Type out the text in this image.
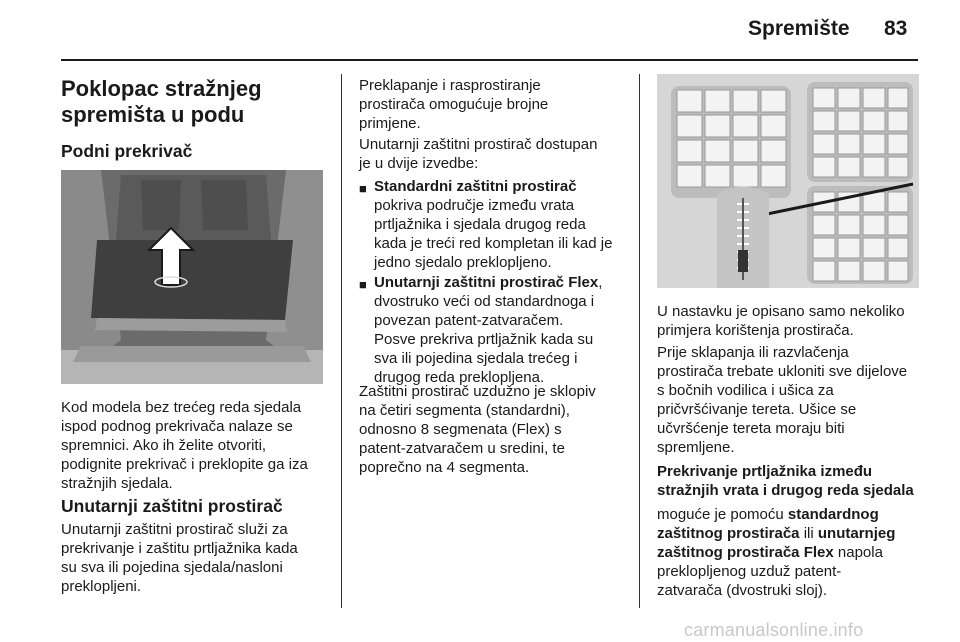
Spremište 83
Poklopac stražnjeg spremišta u podu
Podni prekrivač
Kod modela bez trećeg reda sjedala
ispod podnog prekrivača nalaze se
spremnici. Ako ih želite otvoriti,
podignite prekrivač i preklopite ga iza
stražnjih sjedala.
Unutarnji zaštitni prostirač
Unutarnji zaštitni prostirač služi za
prekrivanje i zaštitu prtljažnika kada
su sva ili pojedina sjedala/nasloni
preklopljeni.
Preklapanje i rasprostiranje
prostirača omogućuje brojne
primjene.
Unutarnji zaštitni prostirač dostupan
je u dvije izvedbe:
■ Standardni zaštitni prostirač
pokriva područje između vrata
prtljažnika i sjedala drugog reda
kada je treći red kompletan ili kad je
jedno sjedalo preklopljeno.
■ Unutarnji zaštitni prostirač Flex,
dvostruko veći od standardnoga i
povezan patent-zatvaračem.
Posve prekriva prtljažnik kada su
sva ili pojedina sjedala trećeg i
drugog reda preklopljena.
Zaštitni prostirač uzdužno je sklopiv
na četiri segmenta (standardni),
odnosno 8 segmenata (Flex) s
patent-zatvaračem u sredini, te
poprečno na 4 segmenta.
U nastavku je opisano samo nekoliko
primjera korištenja prostirača.
Prije sklapanja ili razvlačenja
prostirača trebate ukloniti sve dijelove
s bočnih vodilica i ušica za
pričvršćivanje tereta. Ušice se
učvršćenje tereta moraju biti
spremljene.
Prekrivanje prtljažnika između
stražnjih vrata i drugog reda sjedala
moguće je pomoću standardnog
zaštitnog prostirača ili unutarnjeg
zaštitnog prostirača Flex napola
preklopljenog uzduž patent-
zatvarača (dvostruki sloj).
carmanualsonline.info
